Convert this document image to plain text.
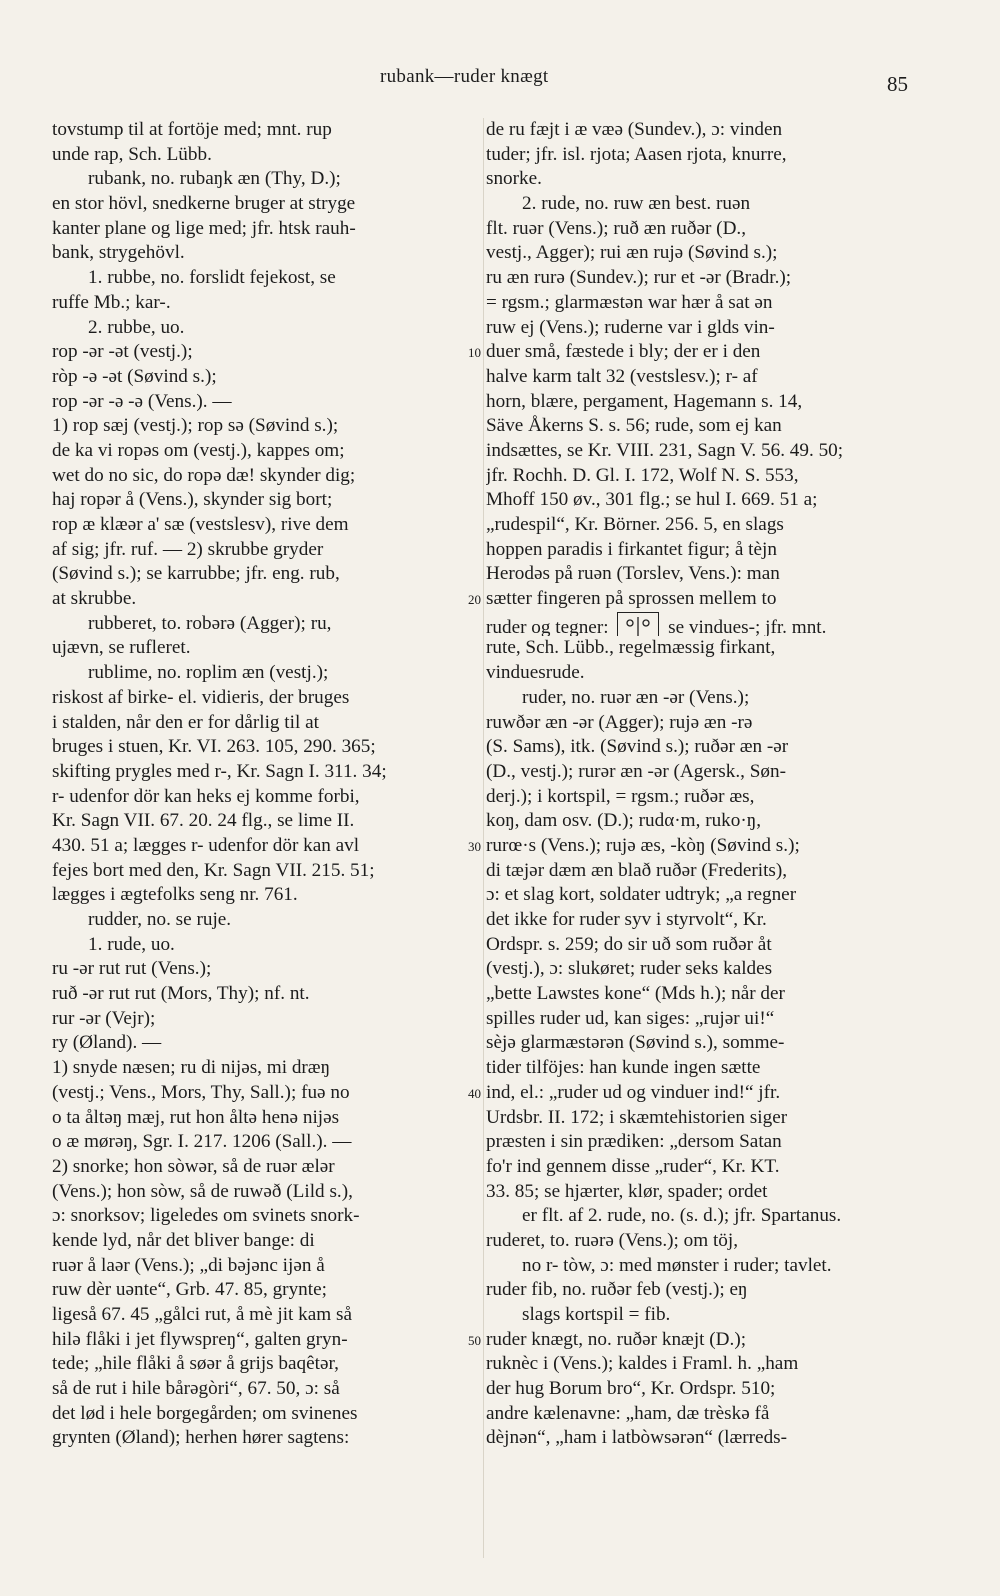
rubank—ruder knægt	85
tovstump til at fortöje med; mnt. rup
unde rap, Sch. Lübb.
rubank, no. rubaŋk æn (Thy, D.);
en stor hövl, snedkerne bruger at stryge
kanter plane og lige med; jfr. htsk rauh-
bank, strygehövl.
1. rubbe, no. forslidt fejekost, se
ruffe Mb.; kar-.
2. rubbe, uo.
rop -ər -ət (vestj.);
ròp -ə -ət (Søvind s.);
rop -ər -ə -ə (Vens.). —
1) rop sæj (vestj.); rop sə (Søvind s.);
de ka vi ropəs om (vestj.), kappes om;
wet do no sic, do ropə dæ! skynder dig;
haj ropər å (Vens.), skynder sig bort;
rop æ klæər a' sæ (vestslesv), rive dem
af sig; jfr. ruf. — 2) skrubbe gryder
(Søvind s.); se karrubbe; jfr. eng. rub,
at skrubbe.
rubberet, to. robərə (Agger); ru,
ujævn, se rufleret.
rublime, no. roplim æn (vestj.);
riskost af birke- el. vidieris, der bruges
i stalden, når den er for dårlig til at
bruges i stuen, Kr. VI. 263. 105, 290. 365;
skifting prygles med r-, Kr. Sagn I. 311. 34;
r- udenfor dör kan heks ej komme forbi,
Kr. Sagn VII. 67. 20. 24 flg., se lime II.
430. 51 a; lægges r- udenfor dör kan avl
fejes bort med den, Kr. Sagn VII. 215. 51;
lægges i ægtefolks seng nr. 761.
rudder, no. se ruje.
1. rude, uo.
ru -ər rut rut (Vens.);
ruð -ər rut rut (Mors, Thy); nf. nt.
rur -ər (Vejr);
ry (Øland). —
1) snyde næsen; ru di nijəs, mi dræŋ
(vestj.; Vens., Mors, Thy, Sall.); fuə no
o ta åltəŋ mæj, rut hon åltə henə nijəs
o æ mørəŋ, Sgr. I. 217. 1206 (Sall.). —
2) snorke; hon sòwər, så de ruər ælər
(Vens.); hon sòw, så de ruwəð (Lild s.),
ɔ: snorksov; ligeledes om svinets snork-
kende lyd, når det bliver bange: di
ruər å laər (Vens.); „di bəjənc ijən å
ruw dèr uənte“, Grb. 47. 85, grynte;
ligeså 67. 45 „gålci rut, å mè jit kam så
hilə flåki i jet flywspreŋ“, galten gryn-
tede; „hile flåki å søər å grijs baqêtər,
så de rut i hile bårəgòri“, 67. 50, ɔ: så
det lød i hele borgegården; om svinenes
grynten (Øland); herhen hører sagtens:
10
20
30
40
50
de ru fæjt i æ væə (Sundev.), ɔ: vinden
tuder; jfr. isl. rjota; Aasen rjota, knurre,
snorke.
2. rude, no. ruw æn best. ruən
flt. ruər (Vens.); ruð æn ruðər (D.,
vestj., Agger); rui æn rujə (Søvind s.);
ru æn rurə (Sundev.); rur et -ər (Bradr.);
= rgsm.; glarmæstən war hær å sat ən
ruw ej (Vens.); ruderne var i glds vin-
duer små, fæstede i bly; der er i den
halve karm talt 32 (vestslesv.); r- af
horn, blære, pergament, Hagemann s. 14,
Säve Åkerns S. s. 56; rude, som ej kan
indsættes, se Kr. VIII. 231, Sagn V. 56. 49. 50;
jfr. Rochh. D. Gl. I. 172, Wolf N. S. 553,
Mhoff 150 øv., 301 flg.; se hul I. 669. 51 a;
„rudespil“, Kr. Börner. 256. 5, en slags
hoppen paradis i firkantet figur; å tèjn
Herodəs på ruən (Torslev, Vens.): man
sætter fingeren på sprossen mellem to
ruder og tegner:	se vindues-; jfr. mnt.
rute, Sch. Lübb., regelmæssig firkant,
vinduesrude.
ruder, no. ruər æn -ər (Vens.);
ruwðər æn -ər (Agger); rujə æn -rə
(S. Sams), itk. (Søvind s.); ruðər æn -ər
(D., vestj.); rurər æn -ər (Agersk., Søn-
derj.); i kortspil, = rgsm.; ruðər æs,
koŋ, dam osv. (D.); rudα·m, ruko·ŋ,
rurœ·s (Vens.); rujə æs, -kòŋ (Søvind s.);
di tæjər dæm æn blað ruðər (Frederits),
ɔ: et slag kort, soldater udtryk; „a regner
det ikke for ruder syv i styrvolt“, Kr.
Ordspr. s. 259; do sir uð som ruðər åt
(vestj.), ɔ: slukøret; ruder seks kaldes
„bette Lawstes kone“ (Mds h.); når der
spilles ruder ud, kan siges: „rujər ui!“
sèjə glarmæstərən (Søvind s.), somme-
tider tilföjes: han kunde ingen sætte
ind, el.: „ruder ud og vinduer ind!“ jfr.
Urdsbr. II. 172; i skæmtehistorien siger
præsten i sin prædiken: „dersom Satan
fo'r ind gennem disse „ruder“, Kr. KT.
33. 85; se hjærter, klør, spader; ordet
er flt. af 2. rude, no. (s. d.); jfr. Spartanus.
ruderet, to. ruərə (Vens.); om töj,
no r- tòw, ɔ: med mønster i ruder; tavlet.
ruder fib, no. ruðər feb (vestj.); eŋ
slags kortspil = fib.
ruder knægt, no. ruðər knæjt (D.);
ruknèc i (Vens.); kaldes i Framl. h. „ham
der hug Borum bro“, Kr. Ordspr. 510;
andre kælenavne: „ham, dæ trèskə få
dèjnən“, „ham i latbòwsərən“ (lærreds-
